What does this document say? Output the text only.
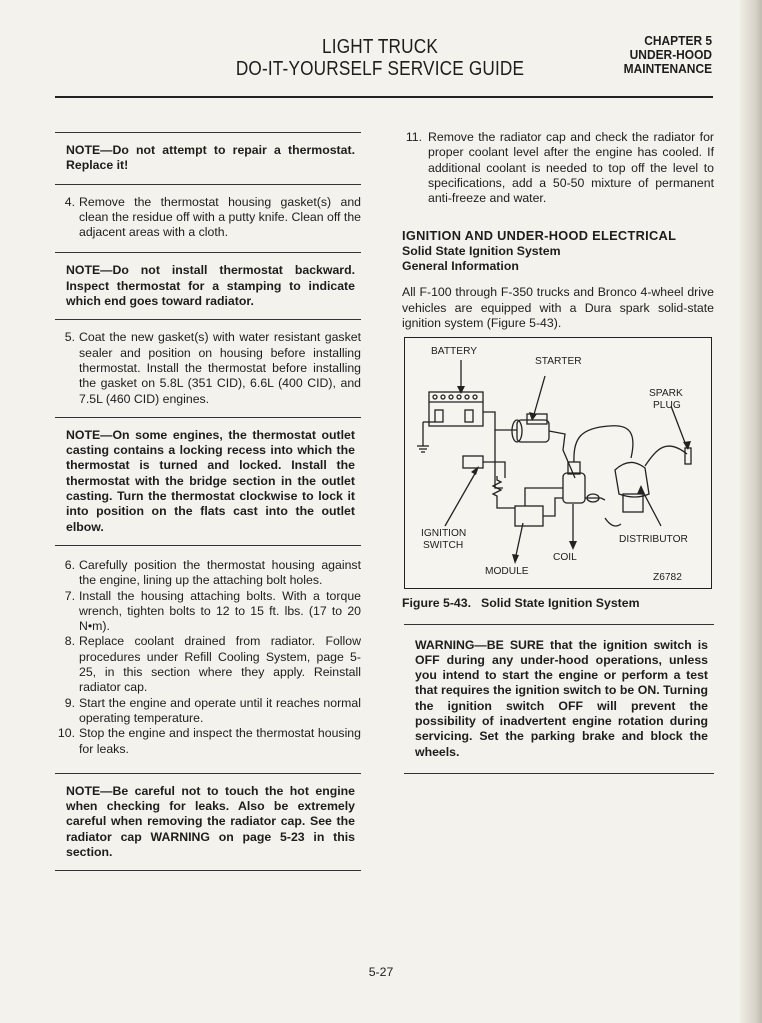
LIGHT TRUCK
DO-IT-YOURSELF SERVICE GUIDE
CHAPTER 5
UNDER-HOOD
MAINTENANCE
NOTE—Do not attempt to repair a thermostat. Replace it!
4. Remove the thermostat housing gasket(s) and clean the residue off with a putty knife. Clean off the adjacent areas with a cloth.
NOTE—Do not install thermostat backward. Inspect thermostat for a stamping to indicate which end goes toward radiator.
5. Coat the new gasket(s) with water resistant gasket sealer and position on housing before installing thermostat. Install the thermostat before installing the gasket on 5.8L (351 CID), 6.6L (400 CID), and 7.5L (460 CID) engines.
NOTE—On some engines, the thermostat outlet casting contains a locking recess into which the thermostat is turned and locked. Install the thermostat with the bridge section in the outlet casting. Turn the thermostat clockwise to lock it into position on the flats cast into the outlet elbow.
6. Carefully position the thermostat housing against the engine, lining up the attaching bolt holes.
7. Install the housing attaching bolts. With a torque wrench, tighten bolts to 12 to 15 ft. lbs. (17 to 20 N•m).
8. Replace coolant drained from radiator. Follow procedures under Refill Cooling System, page 5-25, in this section where they apply. Reinstall radiator cap.
9. Start the engine and operate until it reaches normal operating temperature.
10. Stop the engine and inspect the thermostat housing for leaks.
NOTE—Be careful not to touch the hot engine when checking for leaks. Also be extremely careful when removing the radiator cap. See the radiator cap WARNING on page 5-23 in this section.
11. Remove the radiator cap and check the radiator for proper coolant level after the engine has cooled. If additional coolant is needed to top off the level to specifications, add a 50-50 mixture of permanent anti-freeze and water.
IGNITION AND UNDER-HOOD ELECTRICAL
Solid State Ignition System
General Information
All F-100 through F-350 trucks and Bronco 4-wheel drive vehicles are equipped with a Dura spark solid-state ignition system (Figure 5-43).
BATTERY
STARTER
SPARK
PLUG
IGNITION
SWITCH
DISTRIBUTOR
COIL
MODULE
Z6782
Figure 5-43. Solid State Ignition System
WARNING—BE SURE that the ignition switch is OFF during any under-hood operations, unless you intend to start the engine or perform a test that requires the ignition switch to be ON. Turning the ignition switch OFF will prevent the possibility of inadvertent engine rotation during servicing. Set the parking brake and block the wheels.
5-27
